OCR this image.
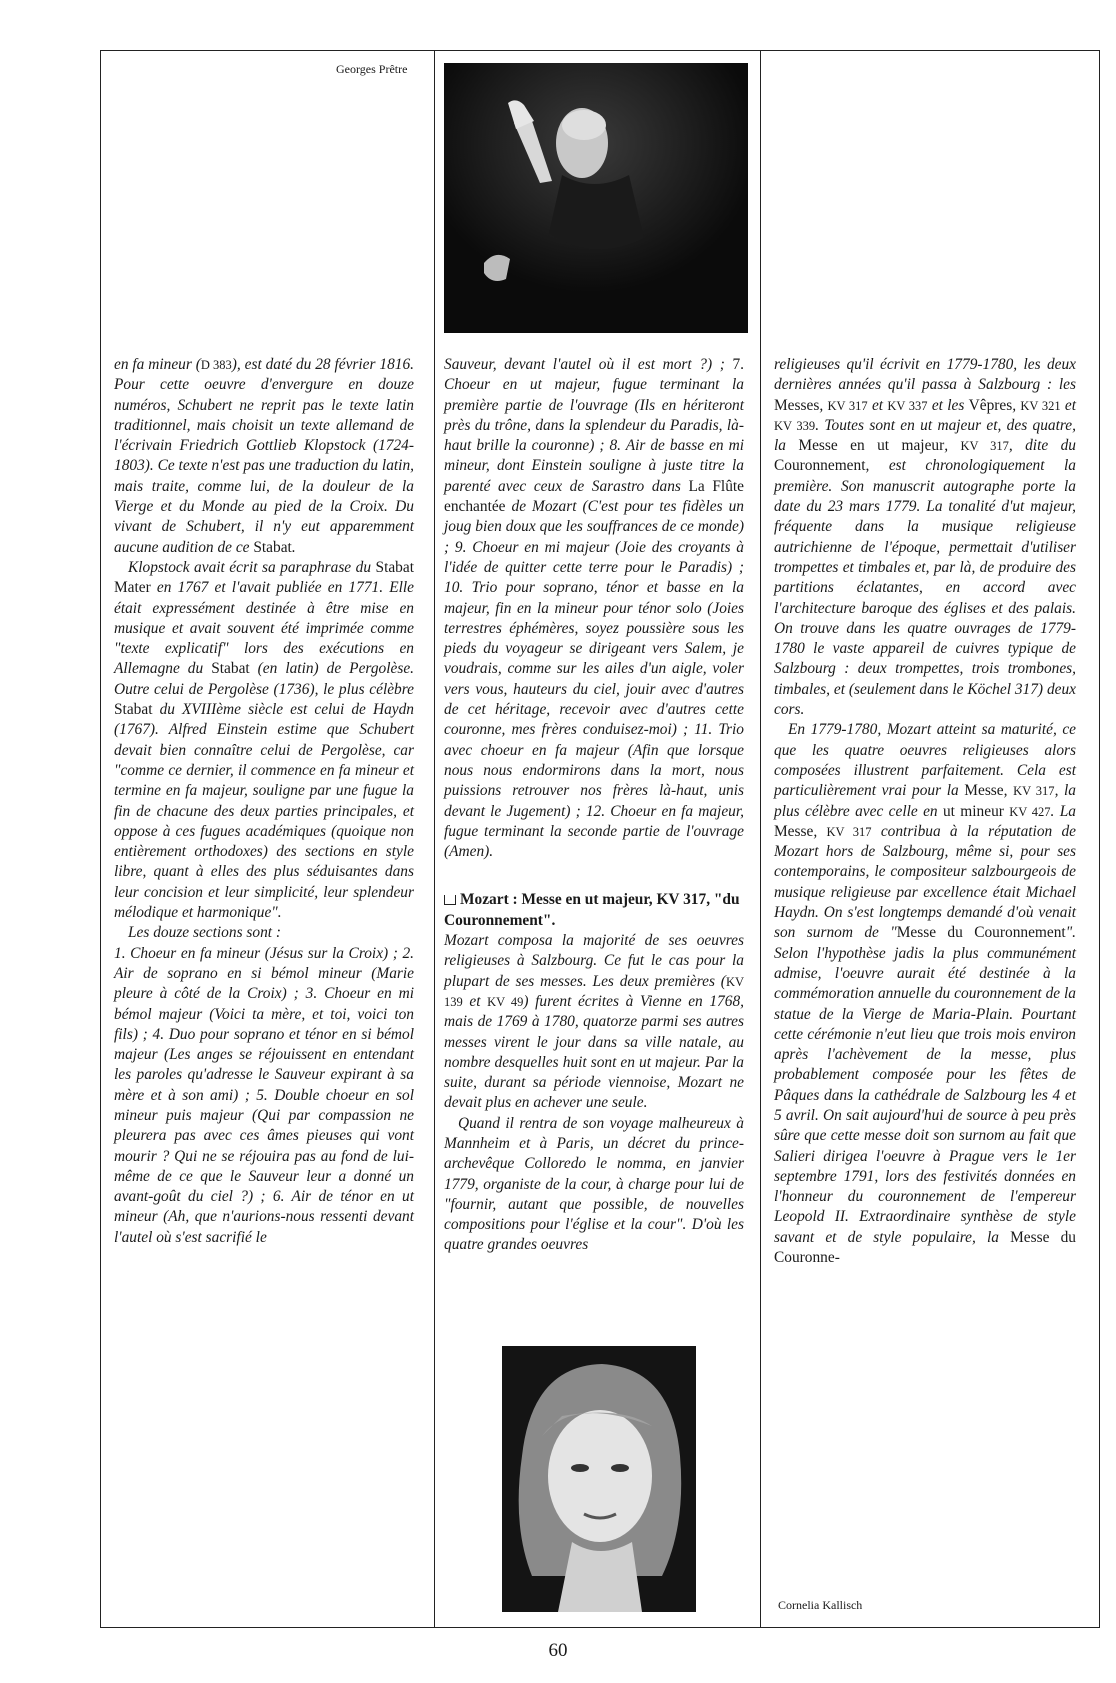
Georges Prêtre

en fa mineur (D 383), est daté du 28 février 1816. Pour cette oeuvre d'envergure en douze numéros, Schubert ne reprit pas le texte latin traditionnel, mais choisit un texte allemand de l'écrivain Friedrich Gottlieb Klopstock (1724-1803). Ce texte n'est pas une traduction du latin, mais traite, comme lui, de la douleur de la Vierge et du Monde au pied de la Croix. Du vivant de Schubert, il n'y eut apparemment aucune audition de ce Stabat.

Klopstock avait écrit sa paraphrase du Stabat Mater en 1767 et l'avait publiée en 1771. Elle était expressément destinée à être mise en musique et avait souvent été imprimée comme "texte explicatif" lors des exécutions en Allemagne du Stabat (en latin) de Pergolèse. Outre celui de Pergolèse (1736), le plus célèbre Stabat du XVIIIème siècle est celui de Haydn (1767). Alfred Einstein estime que Schubert devait bien connaître celui de Pergolèse, car "comme ce dernier, il commence en fa mineur et termine en fa majeur, souligne par une fugue la fin de chacune des deux parties principales, et oppose à ces fugues académiques (quoique non entièrement orthodoxes) des sections en style libre, quant à elles des plus séduisantes dans leur concision et leur simplicité, leur splendeur mélodique et harmonique".

Les douze sections sont :

1. Choeur en fa mineur (Jésus sur la Croix) ; 2. Air de soprano en si bémol mineur (Marie pleure à côté de la Croix) ; 3. Choeur en mi bémol majeur (Voici ta mère, et toi, voici ton fils) ; 4. Duo pour soprano et ténor en si bémol majeur (Les anges se réjouissent en entendant les paroles qu'adresse le Sauveur expirant à sa mère et à son ami) ; 5. Double choeur en sol mineur puis majeur (Qui par compassion ne pleurera pas avec ces âmes pieuses qui vont mourir ? Qui ne se réjouira pas au fond de lui-même de ce que le Sauveur leur a donné un avant-goût du ciel ?) ; 6. Air de ténor en ut mineur (Ah, que n'aurions-nous ressenti devant l'autel où s'est sacrifié le

Sauveur, devant l'autel où il est mort ?) ; 7. Choeur en ut majeur, fugue terminant la première partie de l'ouvrage (Ils en hériteront près du trône, dans la splendeur du Paradis, là-haut brille la couronne) ; 8. Air de basse en mi mineur, dont Einstein souligne à juste titre la parenté avec ceux de Sarastro dans La Flûte enchantée de Mozart (C'est pour tes fidèles un joug bien doux que les souffrances de ce monde) ; 9. Choeur en mi majeur (Joie des croyants à l'idée de quitter cette terre pour le Paradis) ; 10. Trio pour soprano, ténor et basse en la majeur, fin en la mineur pour ténor solo (Joies terrestres éphémères, soyez poussière sous les pieds du voyageur se dirigeant vers Salem, je voudrais, comme sur les ailes d'un aigle, voler vers vous, hauteurs du ciel, jouir avec d'autres de cet héritage, recevoir avec d'autres cette couronne, mes frères conduisez-moi) ; 11. Trio avec choeur en fa majeur (Afin que lorsque nous nous endormirons dans la mort, nous puissions retrouver nos frères là-haut, unis devant le Jugement) ; 12. Choeur en fa majeur, fugue terminant la seconde partie de l'ouvrage (Amen).

Mozart : Messe en ut majeur, KV 317, "du Couronnement".

Mozart composa la majorité de ses oeuvres religieuses à Salzbourg. Ce fut le cas pour la plupart de ses messes. Les deux premières (KV 139 et KV 49) furent écrites à Vienne en 1768, mais de 1769 à 1780, quatorze parmi ses autres messes virent le jour dans sa ville natale, au nombre desquelles huit sont en ut majeur. Par la suite, durant sa période viennoise, Mozart ne devait plus en achever une seule.

Quand il rentra de son voyage malheureux à Mannheim et à Paris, un décret du prince-archevêque Colloredo le nomma, en janvier 1779, organiste de la cour, à charge pour lui de "fournir, autant que possible, de nouvelles compositions pour l'église et la cour". D'où les quatre grandes oeuvres

religieuses qu'il écrivit en 1779-1780, les deux dernières années qu'il passa à Salzbourg : les Messes, KV 317 et KV 337 et les Vêpres, KV 321 et KV 339. Toutes sont en ut majeur et, des quatre, la Messe en ut majeur, KV 317, dite du Couronnement, est chronologiquement la première. Son manuscrit autographe porte la date du 23 mars 1779. La tonalité d'ut majeur, fréquente dans la musique religieuse autrichienne de l'époque, permettait d'utiliser trompettes et timbales et, par là, de produire des partitions éclatantes, en accord avec l'architecture baroque des églises et des palais. On trouve dans les quatre ouvrages de 1779-1780 le vaste appareil de cuivres typique de Salzbourg : deux trompettes, trois trombones, timbales, et (seulement dans le Köchel 317) deux cors.

En 1779-1780, Mozart atteint sa maturité, ce que les quatre oeuvres religieuses alors composées illustrent parfaitement. Cela est particulièrement vrai pour la Messe, KV 317, la plus célèbre avec celle en ut mineur KV 427. La Messe, KV 317 contribua à la réputation de Mozart hors de Salzbourg, même si, pour ses contemporains, le compositeur salzbourgeois de musique religieuse par excellence était Michael Haydn. On s'est longtemps demandé d'où venait son surnom de "Messe du Couronnement". Selon l'hypothèse jadis la plus communément admise, l'oeuvre aurait été destinée à la commémoration annuelle du couronnement de la statue de la Vierge de Maria-Plain. Pourtant cette cérémonie n'eut lieu que trois mois environ après l'achèvement de la messe, plus probablement composée pour les fêtes de Pâques dans la cathédrale de Salzbourg les 4 et 5 avril. On sait aujourd'hui de source à peu près sûre que cette messe doit son surnom au fait que Salieri dirigea l'oeuvre à Prague vers le 1er septembre 1791, lors des festivités données en l'honneur du couronnement de l'empereur Leopold II. Extraordinaire synthèse de style savant et de style populaire, la Messe du Couronne-

Cornelia Kallisch
60
